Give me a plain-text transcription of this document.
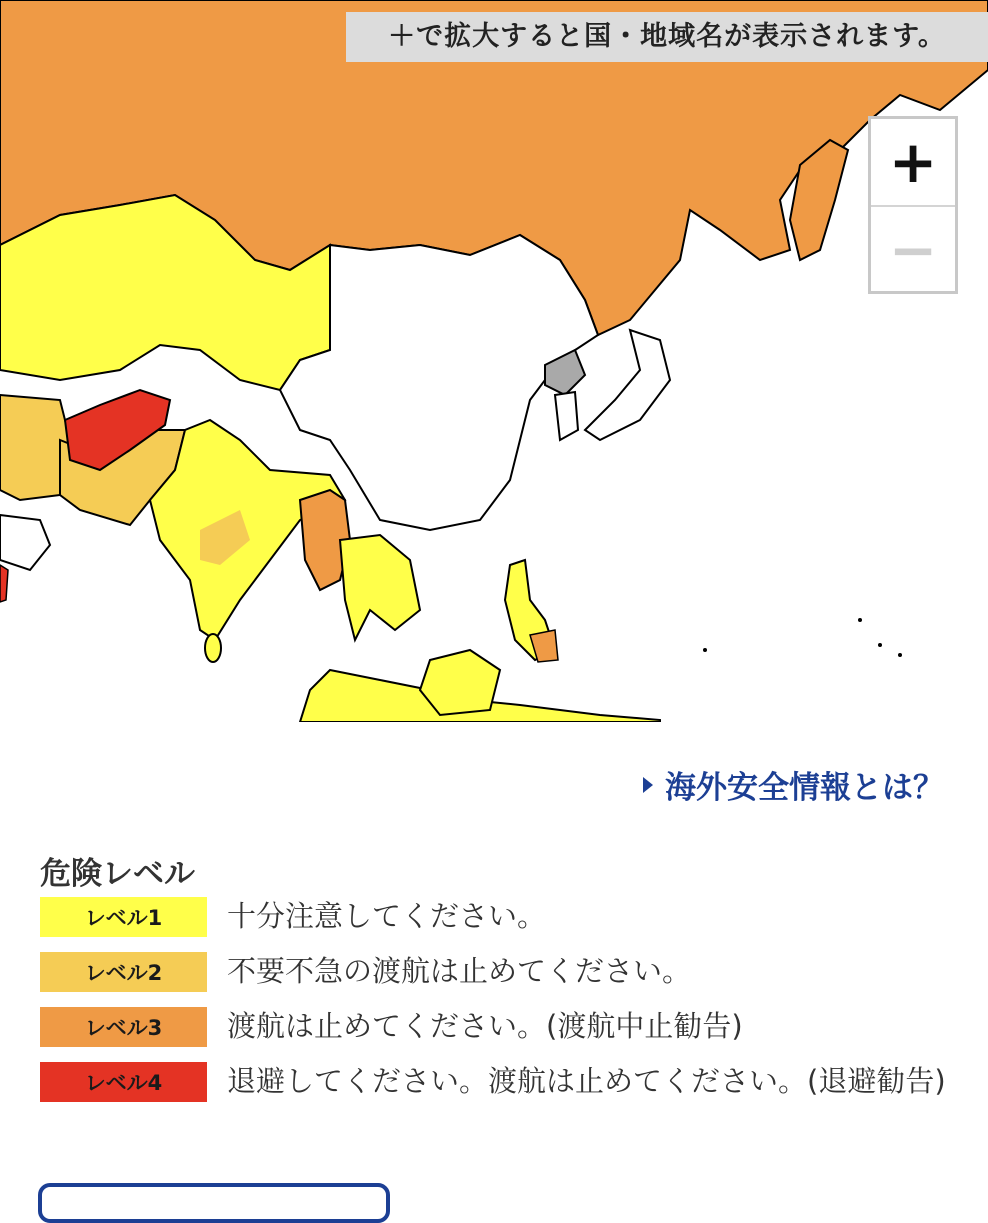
＋で拡大すると国・地域名が表示されます。
+
−
海外安全情報とは？
危険レベル
レベル1	十分注意してください。
レベル2	不要不急の渡航は止めてください。
レベル3	渡航は止めてください。(渡航中止勧告)
レベル4	退避してください。渡航は止めてください。(退避勧告)
